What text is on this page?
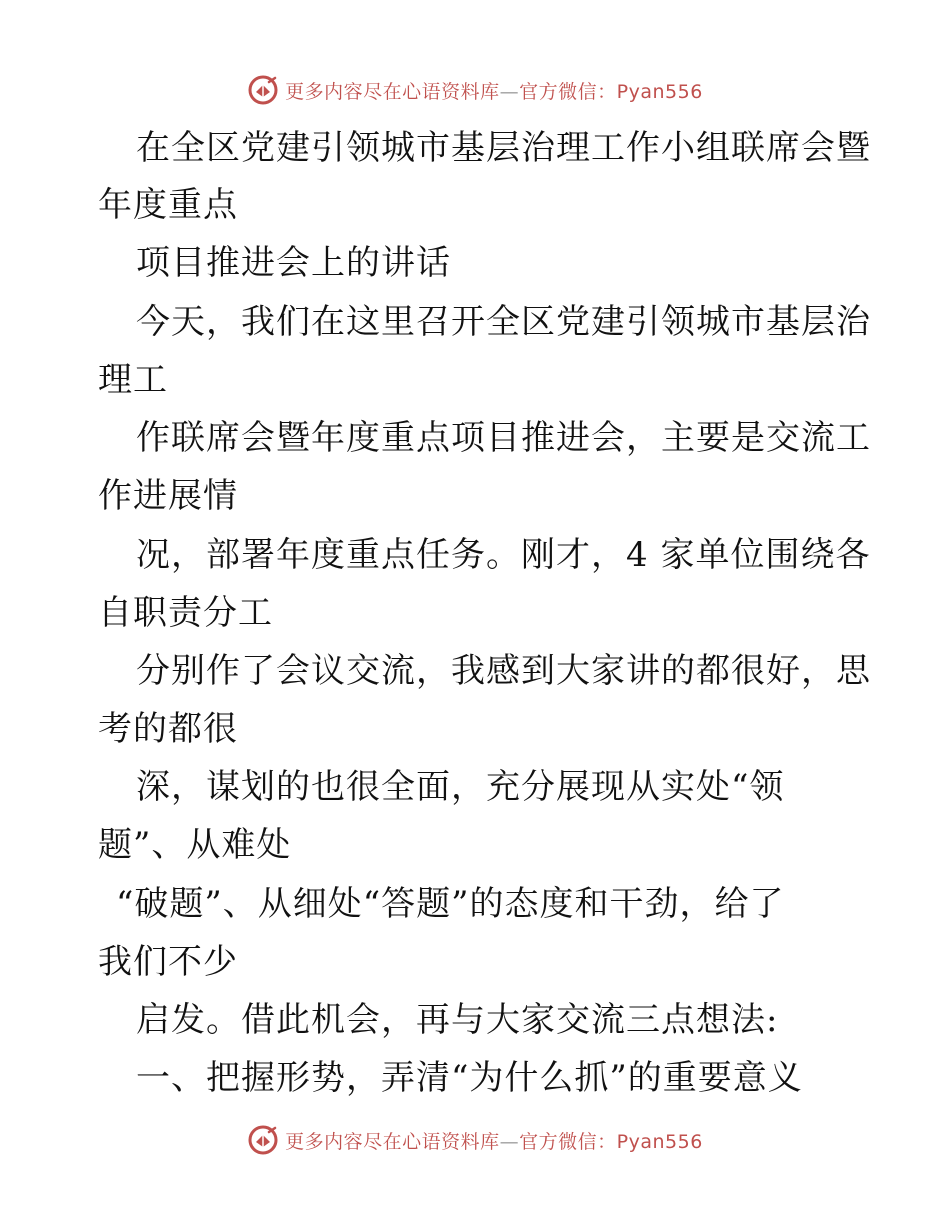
更多内容尽在心语资料库—官方微信：Pyan556
在全区党建引领城市基层治理工作小组联席会暨
年度重点
项目推进会上的讲话
今天，我们在这里召开全区党建引领城市基层治
理工
作联席会暨年度重点项目推进会，主要是交流工
作进展情
况，部署年度重点任务。刚才，4 家单位围绕各
自职责分工
分别作了会议交流，我感到大家讲的都很好，思
考的都很
深，谋划的也很全面，充分展现从实处“领
题”、从难处
“破题”、从细处“答题”的态度和干劲，给了
我们不少
启发。借此机会，再与大家交流三点想法:
一、把握形势，弄清“为什么抓”的重要意义
更多内容尽在心语资料库—官方微信：Pyan556
